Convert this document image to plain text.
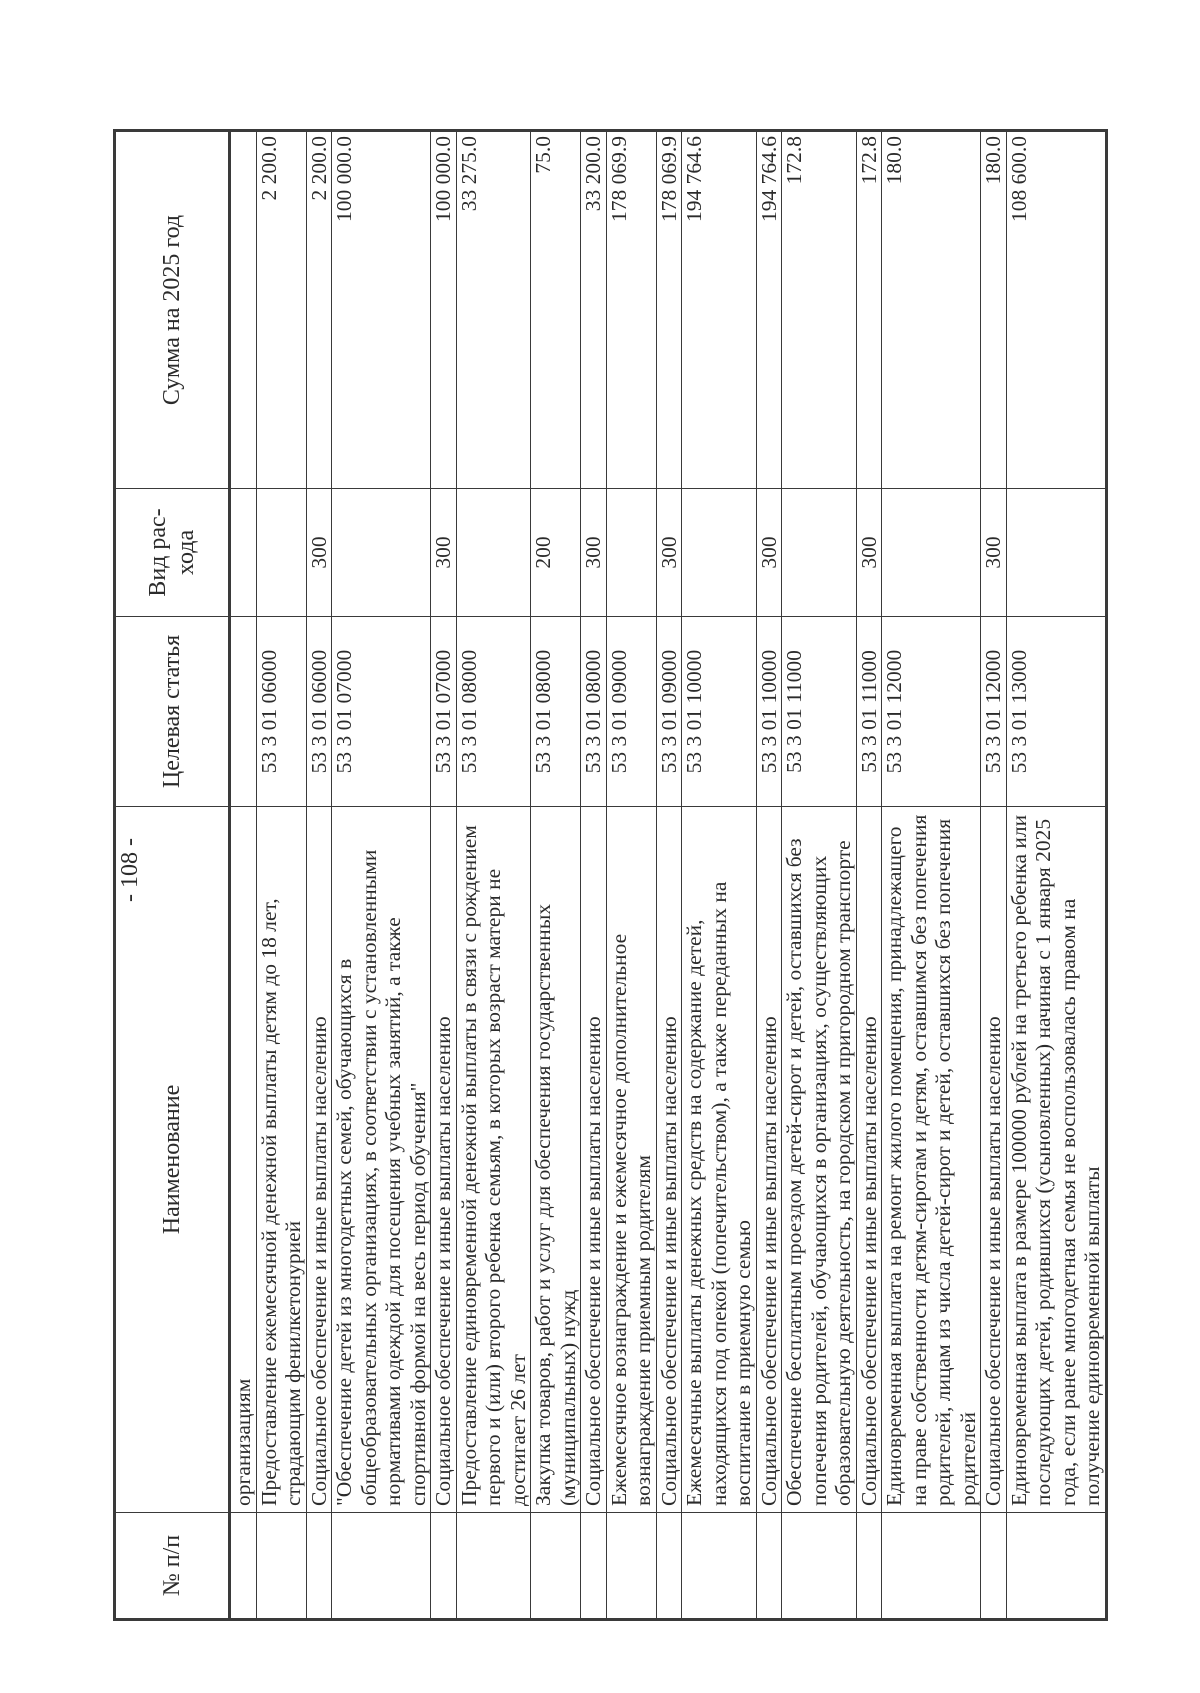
- 108 -
№ п/п	Наименование	Целевая статья	Вид рас- хода	Сумма на 2025 год
	организациям			
	Предоставление ежемесячной денежной выплаты детям до 18 лет, страдающим фенилкетонурией	53 3 01 06000		2 200.0
	Социальное обеспечение и иные выплаты населению	53 3 01 06000	300	2 200.0
	"Обеспечение детей из многодетных семей, обучающихся в общеобразовательных организациях, в соответствии с установленными нормативами одеждой для посещения учебных занятий, а также спортивной формой на весь период обучения"	53 3 01 07000		100 000.0
	Социальное обеспечение и иные выплаты населению	53 3 01 07000	300	100 000.0
	Предоставление единовременной денежной выплаты в связи с рождением первого и (или) второго ребенка семьям, в которых возраст матери не достигает 26 лет	53 3 01 08000		33 275.0
	Закупка товаров, работ и услуг для обеспечения государственных (муниципальных) нужд	53 3 01 08000	200	75.0
	Социальное обеспечение и иные выплаты населению	53 3 01 08000	300	33 200.0
	Ежемесячное вознаграждение и ежемесячное дополнительное вознаграждение приемным родителям	53 3 01 09000		178 069.9
	Социальное обеспечение и иные выплаты населению	53 3 01 09000	300	178 069.9
	Ежемесячные выплаты денежных средств на содержание детей, находящихся под опекой (попечительством), а также переданных на воспитание в приемную семью	53 3 01 10000		194 764.6
	Социальное обеспечение и иные выплаты населению	53 3 01 10000	300	194 764.6
	Обеспечение бесплатным проездом детей-сирот и детей, оставшихся без попечения родителей, обучающихся в организациях, осуществляющих образовательную деятельность, на городском и пригородном транспорте	53 3 01 11000		172.8
	Социальное обеспечение и иные выплаты населению	53 3 01 11000	300	172.8
	Единовременная выплата на ремонт жилого помещения, принадлежащего на праве собственности детям-сиротам и детям, оставшимся без попечения родителей, лицам из числа детей-сирот и детей, оставшихся без попечения родителей	53 3 01 12000		180.0
	Социальное обеспечение и иные выплаты населению	53 3 01 12000	300	180.0
	Единовременная выплата в размере 100000 рублей на третьего ребенка или последующих детей, родившихся (усыновленных) начиная с 1 января 2025 года, если ранее многодетная семья не воспользовалась правом на получение единовременной выплаты	53 3 01 13000		108 600.0
